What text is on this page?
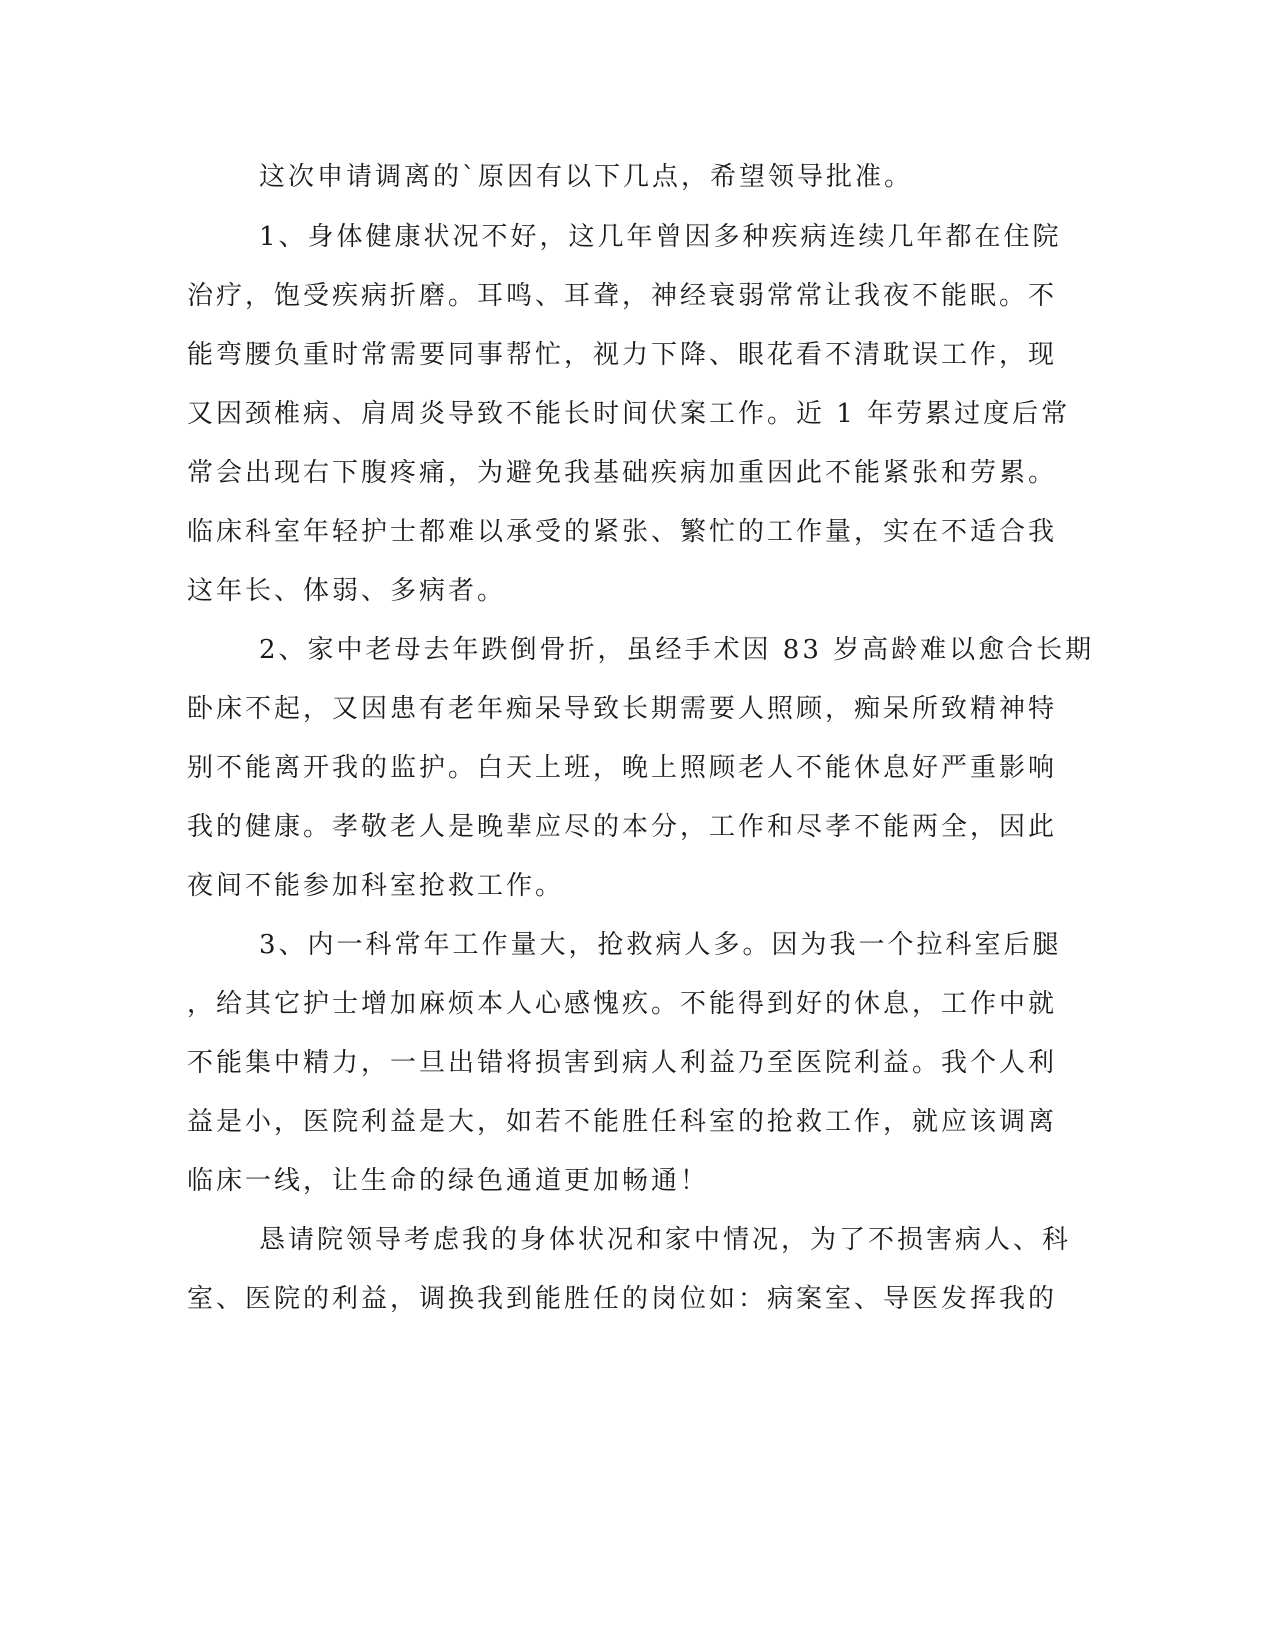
这次申请调离的`原因有以下几点，希望领导批准。
1、身体健康状况不好，这几年曾因多种疾病连续几年都在住院
治疗，饱受疾病折磨。耳鸣、耳聋，神经衰弱常常让我夜不能眠。不
能弯腰负重时常需要同事帮忙，视力下降、眼花看不清耽误工作，现
又因颈椎病、肩周炎导致不能长时间伏案工作。近 1 年劳累过度后常
常会出现右下腹疼痛，为避免我基础疾病加重因此不能紧张和劳累。
临床科室年轻护士都难以承受的紧张、繁忙的工作量，实在不适合我
这年长、体弱、多病者。
2、家中老母去年跌倒骨折，虽经手术因 83 岁高龄难以愈合长期
卧床不起，又因患有老年痴呆导致长期需要人照顾，痴呆所致精神特
别不能离开我的监护。白天上班，晚上照顾老人不能休息好严重影响
我的健康。孝敬老人是晚辈应尽的本分，工作和尽孝不能两全，因此
夜间不能参加科室抢救工作。
3、内一科常年工作量大，抢救病人多。因为我一个拉科室后腿
，给其它护士增加麻烦本人心感愧疚。不能得到好的休息，工作中就
不能集中精力，一旦出错将损害到病人利益乃至医院利益。我个人利
益是小，医院利益是大，如若不能胜任科室的抢救工作，就应该调离
临床一线，让生命的绿色通道更加畅通！
恳请院领导考虑我的身体状况和家中情况，为了不损害病人、科
室、医院的利益，调换我到能胜任的岗位如：病案室、导医发挥我的
